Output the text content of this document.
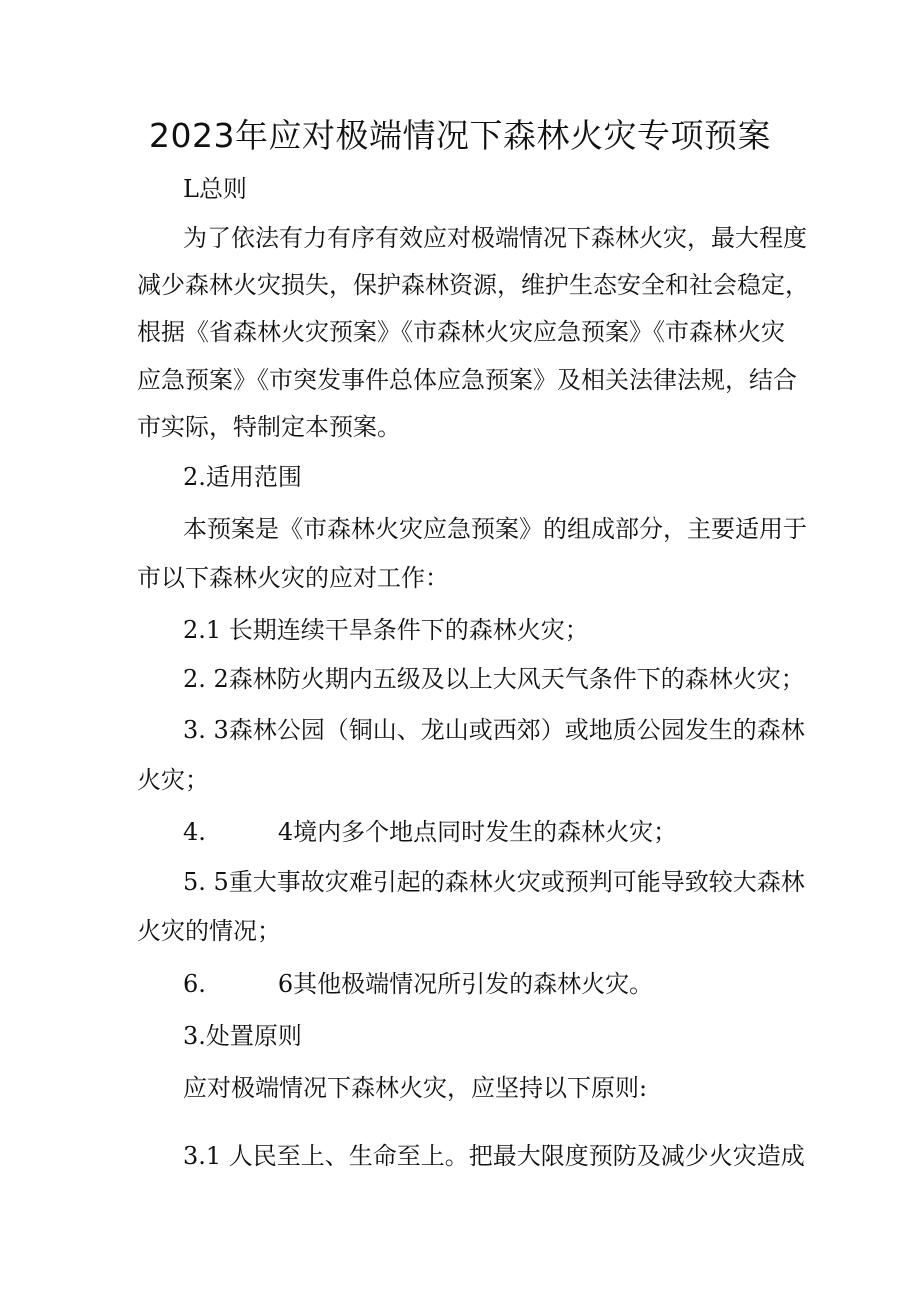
2023年应对极端情况下森林火灾专项预案

L总则

为了依法有力有序有效应对极端情况下森林火灾，最大程度

减少森林火灾损失，保护森林资源，维护生态安全和社会稳定，

根据《省森林火灾预案》《市森林火灾应急预案》《市森林火灾

应急预案》《市突发事件总体应急预案》及相关法律法规，结合

市实际，特制定本预案。

2.适用范围

本预案是《市森林火灾应急预案》的组成部分，主要适用于

市以下森林火灾的应对工作：

2.1 长期连续干旱条件下的森林火灾；

2. 2森林防火期内五级及以上大风天气条件下的森林火灾；

3. 3森林公园（铜山、龙山或西郊）或地质公园发生的森林

火灾；

4.	4境内多个地点同时发生的森林火灾；

5. 5重大事故灾难引起的森林火灾或预判可能导致较大森林

火灾的情况；

6.	6其他极端情况所引发的森林火灾。

3.处置原则

应对极端情况下森林火灾，应坚持以下原则:

3.1 人民至上、生命至上。把最大限度预防及减少火灾造成
